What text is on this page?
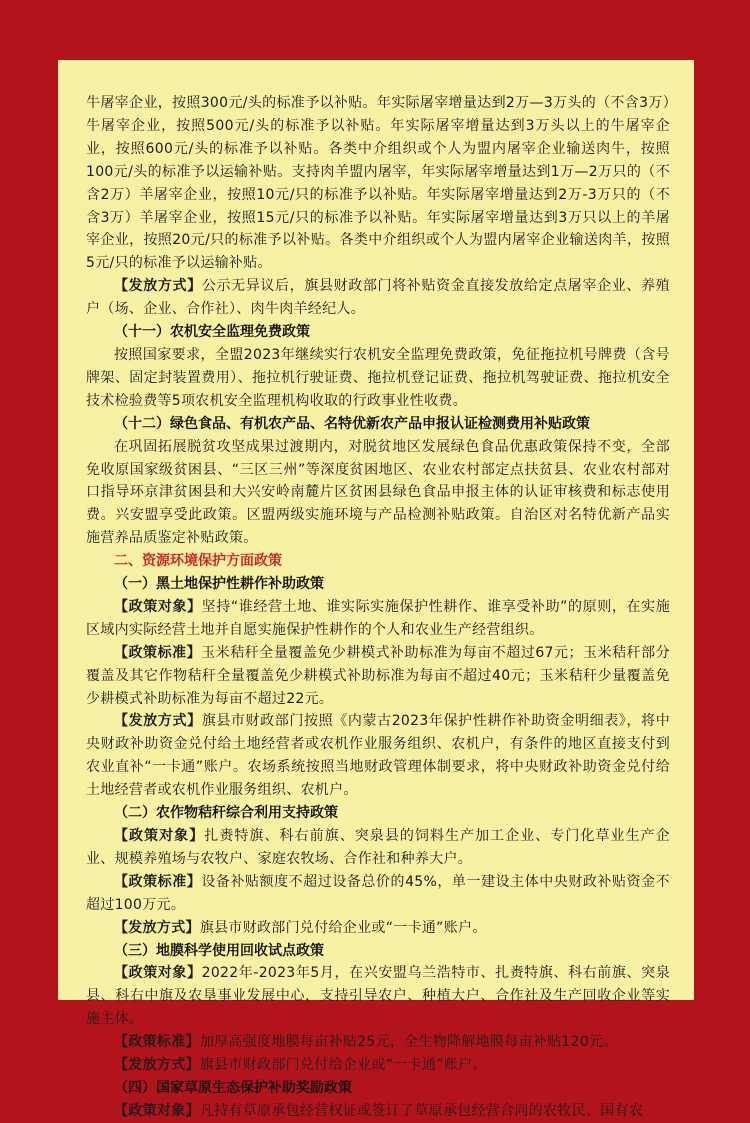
牛屠宰企业，按照300元/头的标准予以补贴。年实际屠宰增量达到2万—3万头的（不含3万）牛屠宰企业，按照500元/头的标准予以补贴。年实际屠宰增量达到3万头以上的牛屠宰企业，按照600元/头的标准予以补贴。各类中介组织或个人为盟内屠宰企业输送肉牛，按照100元/头的标准予以运输补贴。支持肉羊盟内屠宰，年实际屠宰增量达到1万—2万只的（不含2万）羊屠宰企业，按照10元/只的标准予以补贴。年实际屠宰增量达到2万-3万只的（不含3万）羊屠宰企业，按照15元/只的标准予以补贴。年实际屠宰增量达到3万只以上的羊屠宰企业，按照20元/只的标准予以补贴。各类中介组织或个人为盟内屠宰企业输送肉羊，按照5元/只的标准予以运输补贴。

【发放方式】公示无异议后，旗县财政部门将补贴资金直接发放给定点屠宰企业、养殖户（场、企业、合作社）、肉牛肉羊经纪人。

（十一）农机安全监理免费政策

按照国家要求，全盟2023年继续实行农机安全监理免费政策，免征拖拉机号牌费（含号牌架、固定封装置费用）、拖拉机行驶证费、拖拉机登记证费、拖拉机驾驶证费、拖拉机安全技术检验费等5项农机安全监理机构收取的行政事业性收费。

（十二）绿色食品、有机农产品、名特优新农产品申报认证检测费用补贴政策

在巩固拓展脱贫攻坚成果过渡期内，对脱贫地区发展绿色食品优惠政策保持不变，全部免收原国家级贫困县、“三区三州”等深度贫困地区、农业农村部定点扶贫县、农业农村部对口指导环京津贫困县和大兴安岭南麓片区贫困县绿色食品申报主体的认证审核费和标志使用费。兴安盟享受此政策。区盟两级实施环境与产品检测补贴政策。自治区对名特优新产品实施营养品质鉴定补贴政策。

二、资源环境保护方面政策

（一）黑土地保护性耕作补助政策

【政策对象】坚持“谁经营土地、谁实际实施保护性耕作、谁享受补助”的原则，在实施区域内实际经营土地并自愿实施保护性耕作的个人和农业生产经营组织。

【政策标准】玉米秸秆全量覆盖免少耕模式补助标准为每亩不超过67元；玉米秸秆部分覆盖及其它作物秸秆全量覆盖免少耕模式补助标准为每亩不超过40元；玉米秸秆少量覆盖免少耕模式补助标准为每亩不超过22元。

【发放方式】旗县市财政部门按照《内蒙古2023年保护性耕作补助资金明细表》，将中央财政补助资金兑付给土地经营者或农机作业服务组织、农机户，有条件的地区直接支付到农业直补“一卡通”账户。农场系统按照当地财政管理体制要求，将中央财政补助资金兑付给土地经营者或农机作业服务组织、农机户。

（二）农作物秸秆综合利用支持政策

【政策对象】扎赉特旗、科右前旗、突泉县的饲料生产加工企业、专门化草业生产企业、规模养殖场与农牧户、家庭农牧场、合作社和种养大户。

【政策标准】设备补贴额度不超过设备总价的45%，单一建设主体中央财政补贴资金不超过100万元。

【发放方式】旗县市财政部门兑付给企业或“一卡通”账户。

（三）地膜科学使用回收试点政策

【政策对象】2022年-2023年5月，在兴安盟乌兰浩特市、扎赉特旗、科右前旗、突泉县、科右中旗及农垦事业发展中心，支持引导农户、种植大户、合作社及生产回收企业等实施主体。

【政策标准】加厚高强度地膜每亩补贴25元，全生物降解地膜每亩补贴120元。

【发放方式】旗县市财政部门兑付给企业或“一卡通”账户。

（四）国家草原生态保护补助奖励政策

【政策对象】凡持有草原承包经营权证或签订了草原承包经营合同的农牧民、国有农
